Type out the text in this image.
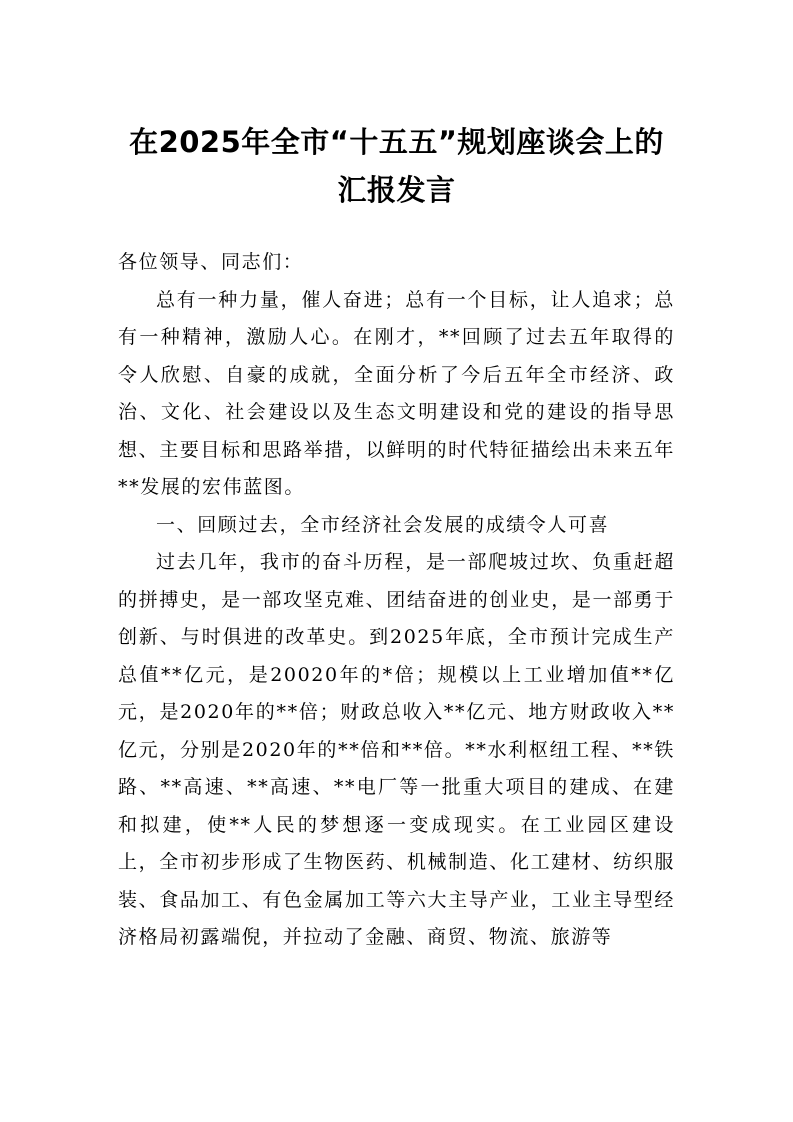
在2025年全市“十五五”规划座谈会上的汇报发言

各位领导、同志们：

总有一种力量，催人奋进；总有一个目标，让人追求；总有一种精神，激励人心。在刚才，**回顾了过去五年取得的令人欣慰、自豪的成就，全面分析了今后五年全市经济、政治、文化、社会建设以及生态文明建设和党的建设的指导思想、主要目标和思路举措，以鲜明的时代特征描绘出未来五年**发展的宏伟蓝图。

一、回顾过去，全市经济社会发展的成绩令人可喜

过去几年，我市的奋斗历程，是一部爬坡过坎、负重赶超的拼搏史，是一部攻坚克难、团结奋进的创业史，是一部勇于创新、与时俱进的改革史。到2025年底，全市预计完成生产总值**亿元，是20020年的*倍；规模以上工业增加值**亿元，是2020年的**倍；财政总收入**亿元、地方财政收入**亿元，分别是2020年的**倍和**倍。**水利枢纽工程、**铁路、**高速、**高速、**电厂等一批重大项目的建成、在建和拟建，使**人民的梦想逐一变成现实。在工业园区建设上，全市初步形成了生物医药、机械制造、化工建材、纺织服装、食品加工、有色金属加工等六大主导产业，工业主导型经济格局初露端倪，并拉动了金融、商贸、物流、旅游等
